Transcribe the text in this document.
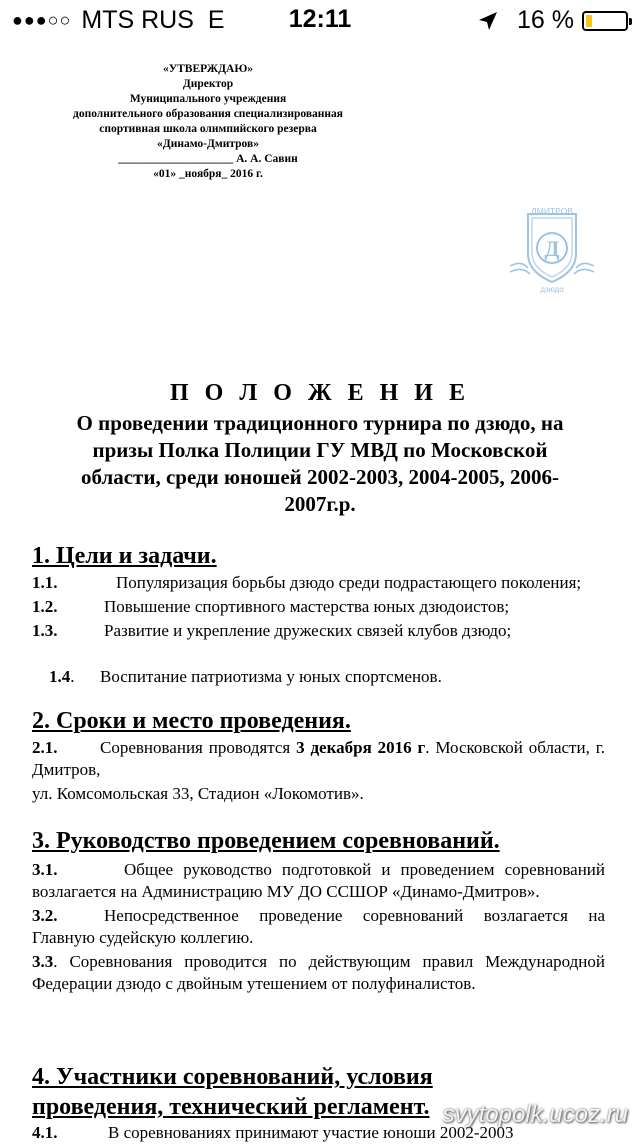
●●●○○ MTS RUS E	12:11	16 %
«УТВЕРЖДАЮ»
Директор
Муниципального учреждения
дополнительного образования специализированная
спортивная школа олимпийского резерва
«Динамо-Дмитров»
____________________ А. А. Савин
«01» _ноября_ 2016 г.
ДМИТРОВ
Д
дзюдо
П О Л О Ж Е Н И Е
О проведении традиционного турнира по дзюдо, на
призы Полка Полиции ГУ МВД по Московской
области, среди юношей 2002-2003, 2004-2005, 2006-
2007г.р.
1. Цели и задачи.
1.1.	Популяризация борьбы дзюдо среди подрастающего поколения;
1.2.	Повышение спортивного мастерства юных дзюдоистов;
1.3.	Развитие и укрепление дружеских связей клубов дзюдо;

1.4.      Воспитание патриотизма у юных спортсменов.

2. Сроки и место проведения.
2.1.	Соревнования проводятся 3 декабря 2016 г. Московской области, г. Дмитров,
ул. Комсомольская 33, Стадион «Локомотив».
3. Руководство проведением соревнований.
3.1.	Общее руководство подготовкой и проведением соревнований возлагается на Администрацию МУ ДО ССШОР «Динамо-Дмитров».
3.2.	Непосредственное проведение соревнований возлагается на Главную судейскую коллегию.
3.3. Соревнования проводится по действующим правил Международной Федерации дзюдо с двойным утешением от полуфиналистов.
4. Участники соревнований, условия
проведения, технический регламент.
4.1.	В соревнованиях принимают участие юноши 2002-2003
svytopolk.ucoz.ru
